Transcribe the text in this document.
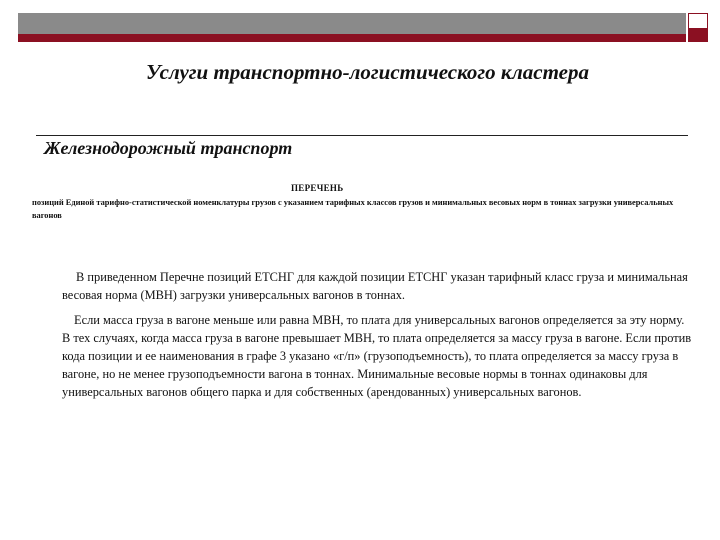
Услуги транспортно-логистического кластера
Железнодорожный транспорт
ПЕРЕЧЕНЬ
позиций Единой тарифно-статистической номенклатуры грузов с указанием тарифных классов грузов и минимальных весовых норм в тоннах загрузки универсальных вагонов
В приведенном Перечне позиций ЕТСНГ для каждой позиции ЕТСНГ указан тарифный класс груза и минимальная весовая норма (МВН) загрузки универсальных вагонов в тоннах.
Если масса груза в вагоне меньше или равна МВН, то плата для универсальных вагонов определяется за эту норму. В тех случаях, когда масса груза в вагоне превышает МВН, то плата определяется за массу груза в вагоне. Если против кода позиции и ее наименования в графе 3 указано «г/п» (грузоподъемность), то плата определяется за массу груза в вагоне, но не менее грузоподъемности вагона в тоннах. Минимальные весовые нормы в тоннах одинаковы для универсальных вагонов общего парка и для собственных (арендованных) универсальных вагонов.
